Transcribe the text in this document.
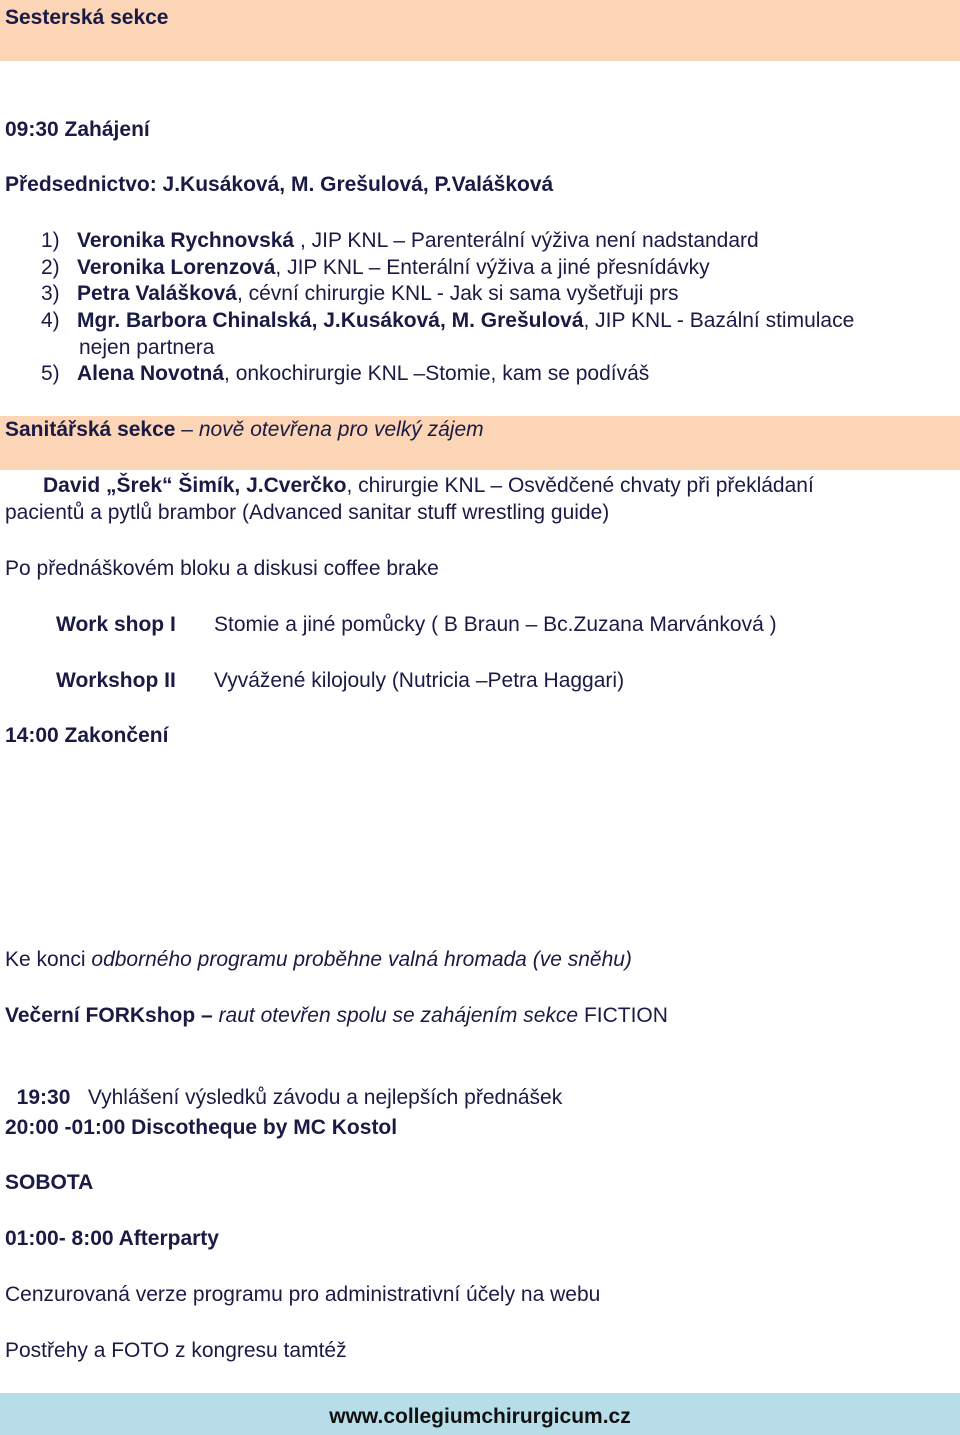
Sesterská sekce
09:30 Zahájení
Předsednictvo: J.Kusáková, M. Grešulová, P.Valášková
1) Veronika Rychnovská , JIP KNL – Parenterální výživa není nadstandard
2) Veronika Lorenzová, JIP KNL – Enterální výživa a jiné přesnídávky
3) Petra Valášková, cévní chirurgie KNL - Jak si sama vyšetřuji prs
4) Mgr. Barbora Chinalská, J.Kusáková, M. Grešulová, JIP KNL - Bazální stimulace
nejen partnera
5) Alena Novotná, onkochirurgie KNL –Stomie, kam se podíváš
Sanitářská sekce – nově otevřena pro velký zájem
David „Šrek“ Šimík, J.Cverčko, chirurgie KNL – Osvědčené chvaty při překládaní
pacientů a pytlů brambor (Advanced sanitar stuff wrestling guide)
Po přednáškovém bloku a diskusi coffee brake
Work shop I Stomie a jiné pomůcky ( B Braun – Bc.Zuzana Marvánková )
Workshop II Vyvážené kilojouly (Nutricia –Petra Haggari)
14:00 Zakončení
Ke konci odborného programu proběhne valná hromada (ve sněhu)
Večerní FORKshop – raut otevřen spolu se zahájením sekce FICTION

19:30   Vyhlášení výsledků závodu a nejlepších přednášek

20:00 -01:00 Discotheque by MC Kostol
SOBOTA
01:00- 8:00 Afterparty
Cenzurovaná verze programu pro administrativní účely na webu
Postřehy a FOTO z kongresu tamtéž
www.collegiumchirurgicum.cz
